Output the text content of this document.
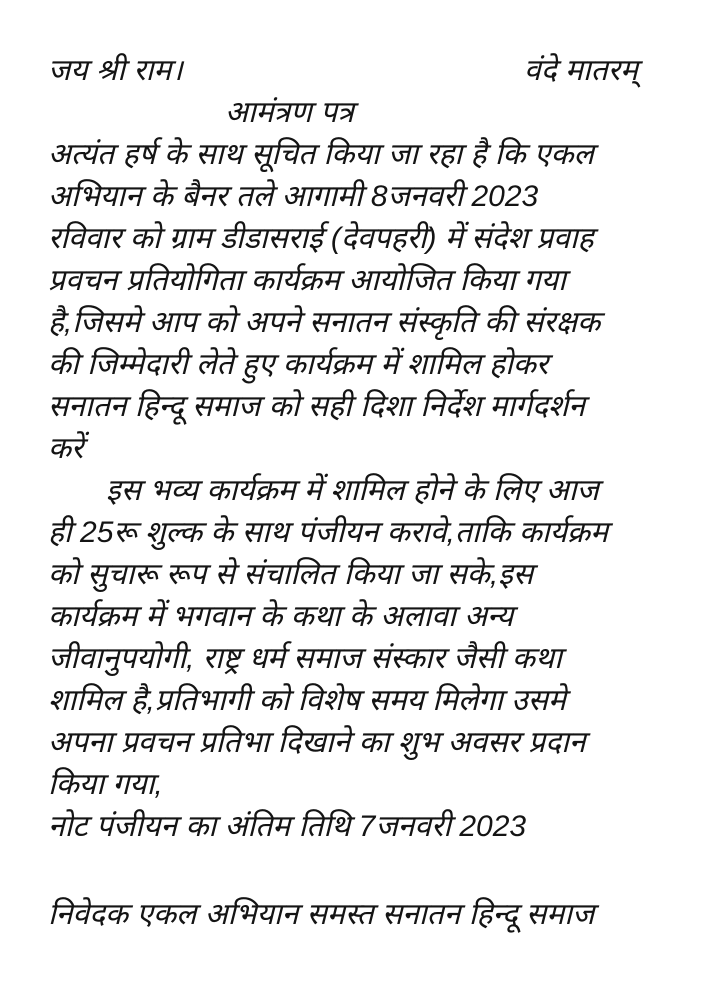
जय श्री राम।	वंदे मातरम्
आमंत्रण पत्र
अत्यंत हर्ष के साथ सूचित किया जा रहा है कि एकल
अभियान के बैनर तले आगामी 8जनवरी 2023
रविवार को ग्राम डीडासराई (देवपहरी) में संदेश प्रवाह
प्रवचन प्रतियोगिता कार्यक्रम आयोजित किया गया
है,जिसमे आप को अपने सनातन संस्कृति की संरक्षक
की जिम्मेदारी लेते हुए कार्यक्रम में शामिल होकर
सनातन हिन्दू समाज को सही दिशा निर्देश मार्गदर्शन
करें
इस भव्य कार्यक्रम में शामिल होने के लिए आज
ही 25रू शुल्क के साथ पंजीयन करावे,ताकि कार्यक्रम
को सुचारू रूप से संचालित किया जा सके,इस
कार्यक्रम में भगवान के कथा के अलावा अन्य
जीवानुपयोगी, राष्ट्र धर्म समाज संस्कार जैसी कथा
शामिल है,प्रतिभागी को विशेष समय मिलेगा उसमे
अपना प्रवचन प्रतिभा दिखाने का शुभ अवसर प्रदान
किया गया,
नोट पंजीयन का अंतिम तिथि 7जनवरी 2023
निवेदक एकल अभियान समस्त सनातन हिन्दू समाज
